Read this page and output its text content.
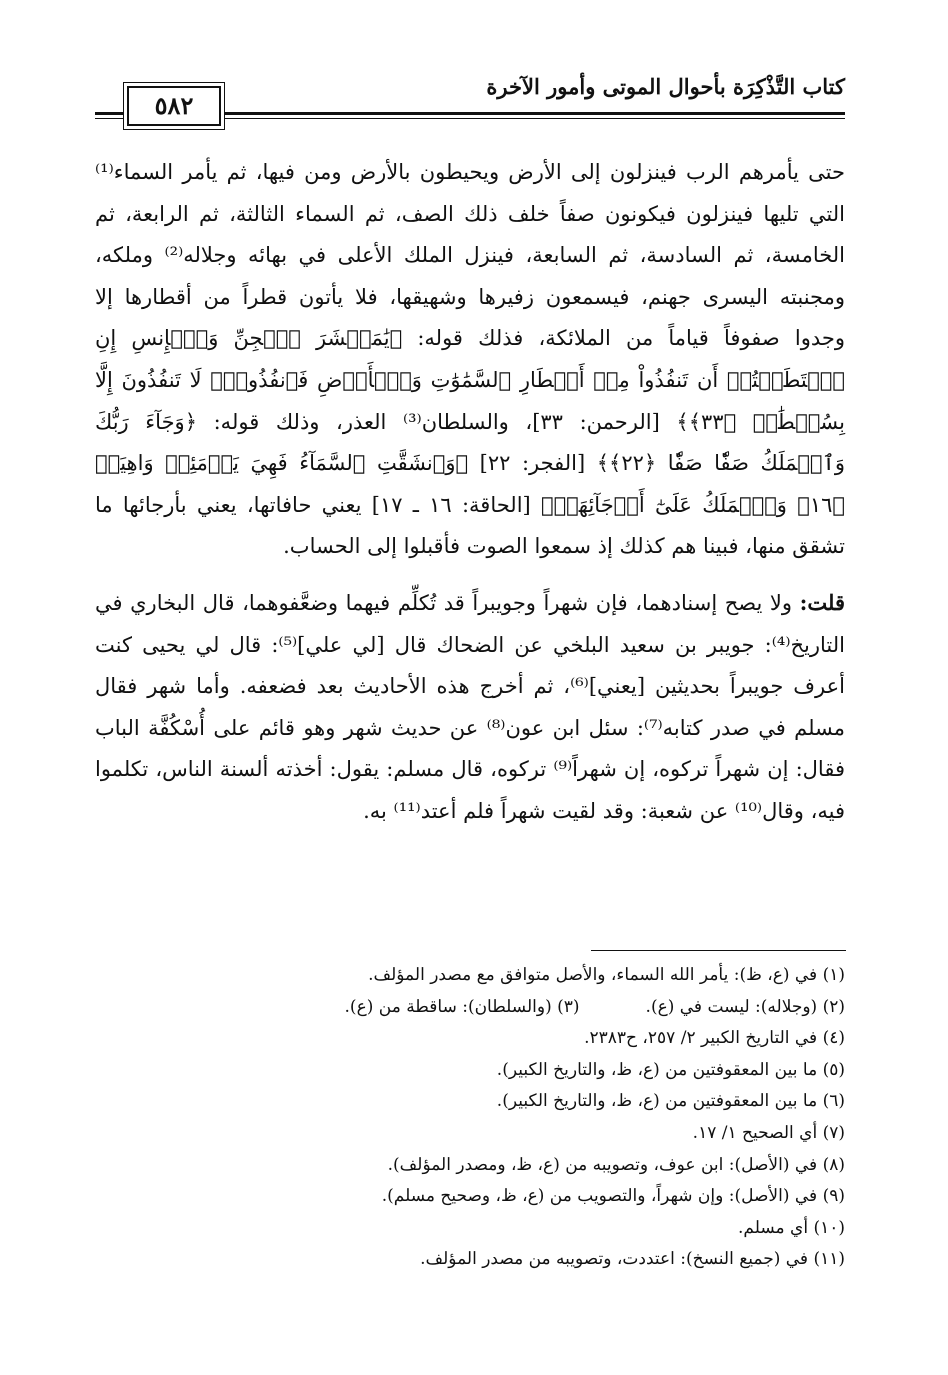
كتاب التَّذْكِرَة بأحوال الموتى وأمور الآخرة
٥٨٢

حتى يأمرهم الرب فينزلون إلى الأرض ويحيطون بالأرض ومن فيها، ثم يأمر السماء⁽¹⁾ التي تليها فينزلون فيكونون صفاً خلف ذلك الصف، ثم السماء الثالثة، ثم الرابعة، ثم الخامسة، ثم السادسة، ثم السابعة، فينزل الملك الأعلى في بهائه وجلاله⁽²⁾ وملكه، ومجنبته اليسرى جهنم، فيسمعون زفيرها وشهيقها، فلا يأتون قطراً من أقطارها إلا وجدوا صفوفاً قياماً من الملائكة، فذلك قوله: ﴿يَٰمَعۡشَرَ ٱلۡجِنِّ وَٱلۡإِنسِ إِنِ ٱسۡتَطَعۡتُمۡ أَن تَنفُذُواْ مِنۡ أَقۡطَارِ ٱلسَّمَٰوَٰتِ وَٱلۡأَرۡضِ فَٱنفُذُواْۚ لَا تَنفُذُونَ إِلَّا بِسُلۡطَٰنٖ ﴿٣٣﴾﴾ [الرحمن: ٣٣]، والسلطان⁽³⁾ العذر، وذلك قوله: ﴿وَجَآءَ رَبُّكَ وَٱلۡمَلَكُ صَفّٗا صَفّٗا ﴿٢٢﴾﴾ [الفجر: ٢٢] ﴿وَٱنشَقَّتِ ٱلسَّمَآءُ فَهِيَ يَوۡمَئِذٖ وَاهِيَةٞ ﴿١٦﴾ وَٱلۡمَلَكُ عَلَىٰٓ أَرۡجَآئِهَاۚ﴾ [الحاقة: ١٦ ـ ١٧] يعني حافاتها، يعني بأرجائها ما تشقق منها، فبينا هم كذلك إذ سمعوا الصوت فأقبلوا إلى الحساب.

قلت: ولا يصح إسنادهما، فإن شهراً وجويبراً قد تُكلِّم فيهما وضعَّفوهما، قال البخاري في التاريخ⁽⁴⁾: جويبر بن سعيد البلخي عن الضحاك قال [لي علي]⁽⁵⁾: قال لي يحيى كنت أعرف جويبراً بحديثين [يعني]⁽⁶⁾، ثم أخرج هذه الأحاديث بعد فضعفه. وأما شهر فقال مسلم في صدر كتابه⁽⁷⁾: سئل ابن عون⁽⁸⁾ عن حديث شهر وهو قائم على أُسْكُفَّة الباب فقال: إن شهراً تركوه، إن شهراً⁽⁹⁾ تركوه، قال مسلم: يقول: أخذته ألسنة الناس، تكلموا فيه، وقال⁽¹⁰⁾ عن شعبة: وقد لقيت شهراً فلم أعتد⁽¹¹⁾ به.

(١) في (ع، ظ): يأمر الله السماء، والأصل متوافق مع مصدر المؤلف.
(٢) (وجلاله): ليست في (ع).
(٣) (والسلطان): ساقطة من (ع).
(٤) في التاريخ الكبير ٢/ ٢٥٧، ح٢٣٨٣.
(٥) ما بين المعقوفتين من (ع، ظ، والتاريخ الكبير).
(٦) ما بين المعقوفتين من (ع، ظ، والتاريخ الكبير).
(٧) أي الصحيح ١/ ١٧.
(٨) في (الأصل): ابن عوف، وتصويبه من (ع، ظ، ومصدر المؤلف).
(٩) في (الأصل): وإن شهراً، والتصويب من (ع، ظ، وصحيح مسلم).
(١٠) أي مسلم.
(١١) في (جميع النسخ): اعتددت، وتصويبه من مصدر المؤلف.
